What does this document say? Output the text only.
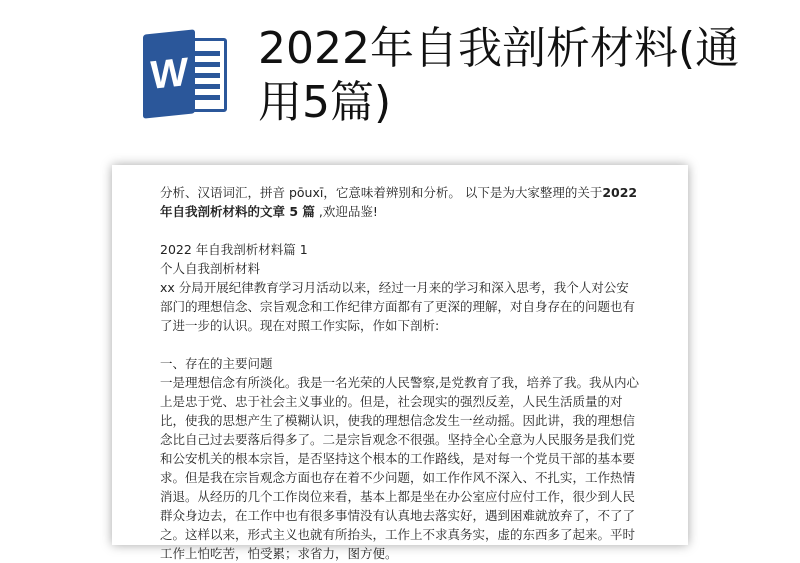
W 2022年自我剖析材料(通用5篇)

分析、汉语词汇，拼音 pōuxī，它意味着辨别和分析。 以下是为大家整理的关于2022 年自我剖析材料的文章 5 篇 ,欢迎品鉴!

2022 年自我剖析材料篇 1

个人自我剖析材料

xx 分局开展纪律教育学习月活动以来，经过一月来的学习和深入思考，我个人对公安部门的理想信念、宗旨观念和工作纪律方面都有了更深的理解，对自身存在的问题也有了进一步的认识。现在对照工作实际，作如下剖析:

一、存在的主要问题

一是理想信念有所淡化。我是一名光荣的人民警察,是党教育了我，培养了我。我从内心上是忠于党、忠于社会主义事业的。但是，社会现实的强烈反差，人民生活质量的对比，使我的思想产生了模糊认识，使我的理想信念发生一丝动摇。因此讲，我的理想信念比自己过去要落后得多了。二是宗旨观念不很强。坚持全心全意为人民服务是我们党和公安机关的根本宗旨，是否坚持这个根本的工作路线，是对每一个党员干部的基本要求。但是我在宗旨观念方面也存在着不少问题，如工作作风不深入、不扎实，工作热情消退。从经历的几个工作岗位来看，基本上都是坐在办公室应付应付工作，很少到人民群众身边去，在工作中也有很多事情没有认真地去落实好，遇到困难就放弃了，不了了之。这样以来，形式主义也就有所抬头，工作上不求真务实，虚的东西多了起来。平时工作上怕吃苦，怕受累；求省力，图方便。
